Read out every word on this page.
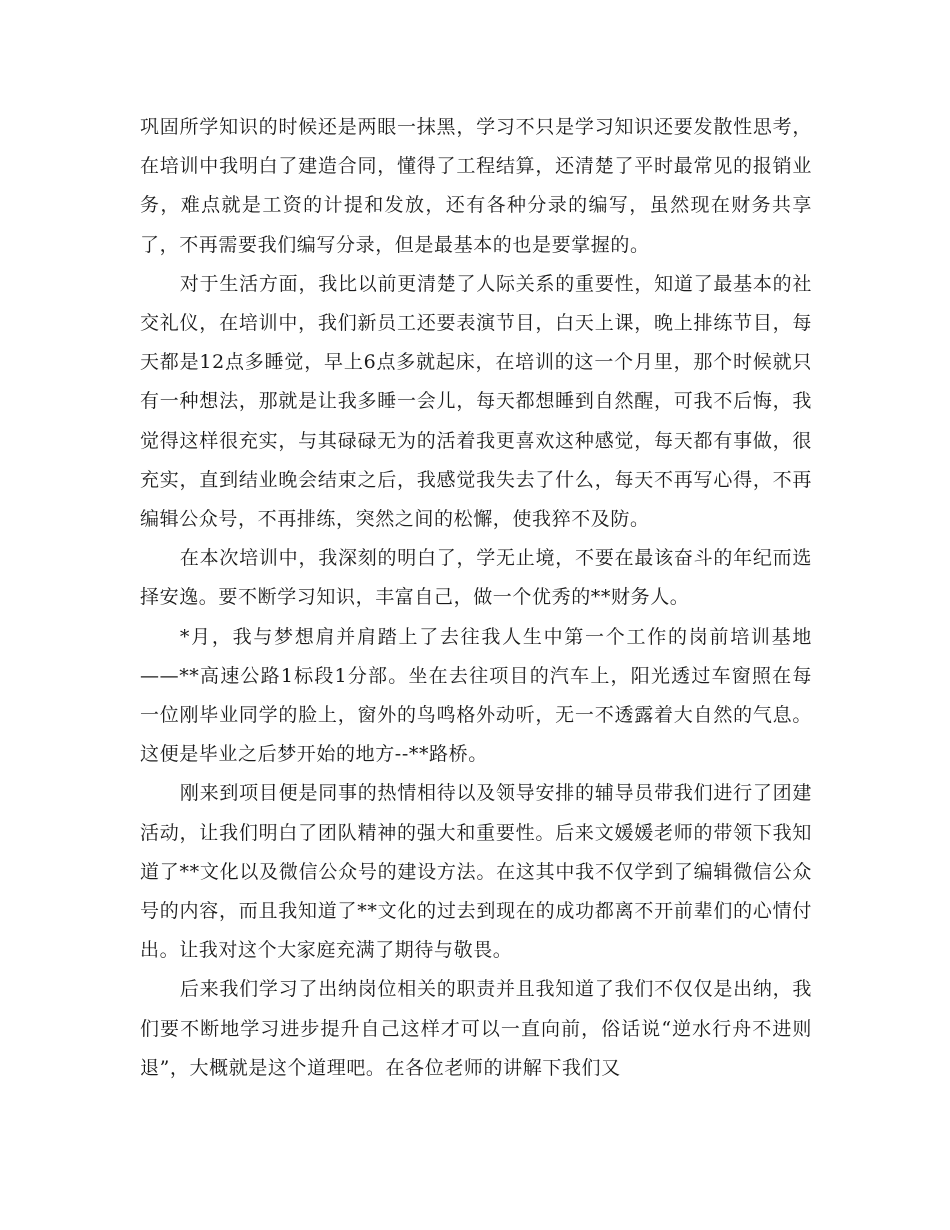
巩固所学知识的时候还是两眼一抹黑，学习不只是学习知识还要发散性思考，在培训中我明白了建造合同，懂得了工程结算，还清楚了平时最常见的报销业务，难点就是工资的计提和发放，还有各种分录的编写，虽然现在财务共享了，不再需要我们编写分录，但是最基本的也是要掌握的。

对于生活方面，我比以前更清楚了人际关系的重要性，知道了最基本的社交礼仪，在培训中，我们新员工还要表演节目，白天上课，晚上排练节目，每天都是12点多睡觉，早上6点多就起床，在培训的这一个月里，那个时候就只有一种想法，那就是让我多睡一会儿，每天都想睡到自然醒，可我不后悔，我觉得这样很充实，与其碌碌无为的活着我更喜欢这种感觉，每天都有事做，很充实，直到结业晚会结束之后，我感觉我失去了什么，每天不再写心得，不再编辑公众号，不再排练，突然之间的松懈，使我猝不及防。

在本次培训中，我深刻的明白了，学无止境，不要在最该奋斗的年纪而选择安逸。要不断学习知识，丰富自己，做一个优秀的**财务人。

*月，我与梦想肩并肩踏上了去往我人生中第一个工作的岗前培训基地——**高速公路1标段1分部。坐在去往项目的汽车上，阳光透过车窗照在每一位刚毕业同学的脸上，窗外的鸟鸣格外动听，无一不透露着大自然的气息。这便是毕业之后梦开始的地方--**路桥。

刚来到项目便是同事的热情相待以及领导安排的辅导员带我们进行了团建活动，让我们明白了团队精神的强大和重要性。后来文媛媛老师的带领下我知道了**文化以及微信公众号的建设方法。在这其中我不仅学到了编辑微信公众号的内容，而且我知道了**文化的过去到现在的成功都离不开前辈们的心情付出。让我对这个大家庭充满了期待与敬畏。

后来我们学习了出纳岗位相关的职责并且我知道了我们不仅仅是出纳，我们要不断地学习进步提升自己这样才可以一直向前，俗话说“逆水行舟不进则退”，大概就是这个道理吧。在各位老师的讲解下我们又
